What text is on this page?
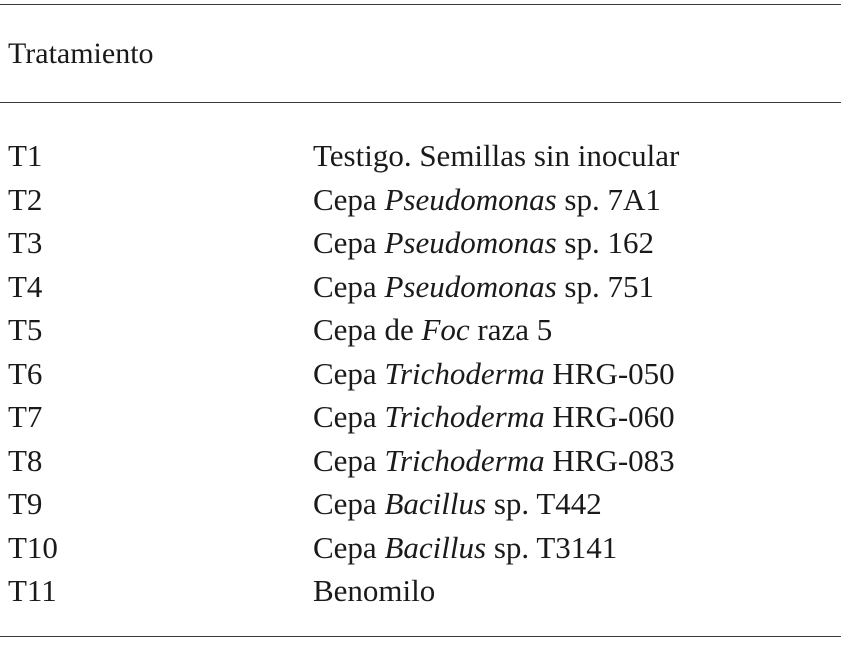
Tratamiento
T1	Testigo. Semillas sin inocular
T2	Cepa Pseudomonas sp. 7A1
T3	Cepa Pseudomonas sp. 162
T4	Cepa Pseudomonas sp. 751
T5	Cepa de Foc raza 5
T6	Cepa Trichoderma HRG-050
T7	Cepa Trichoderma HRG-060
T8	Cepa Trichoderma HRG-083
T9	Cepa Bacillus sp. T442
T10	Cepa Bacillus sp. T3141
T11	Benomilo
